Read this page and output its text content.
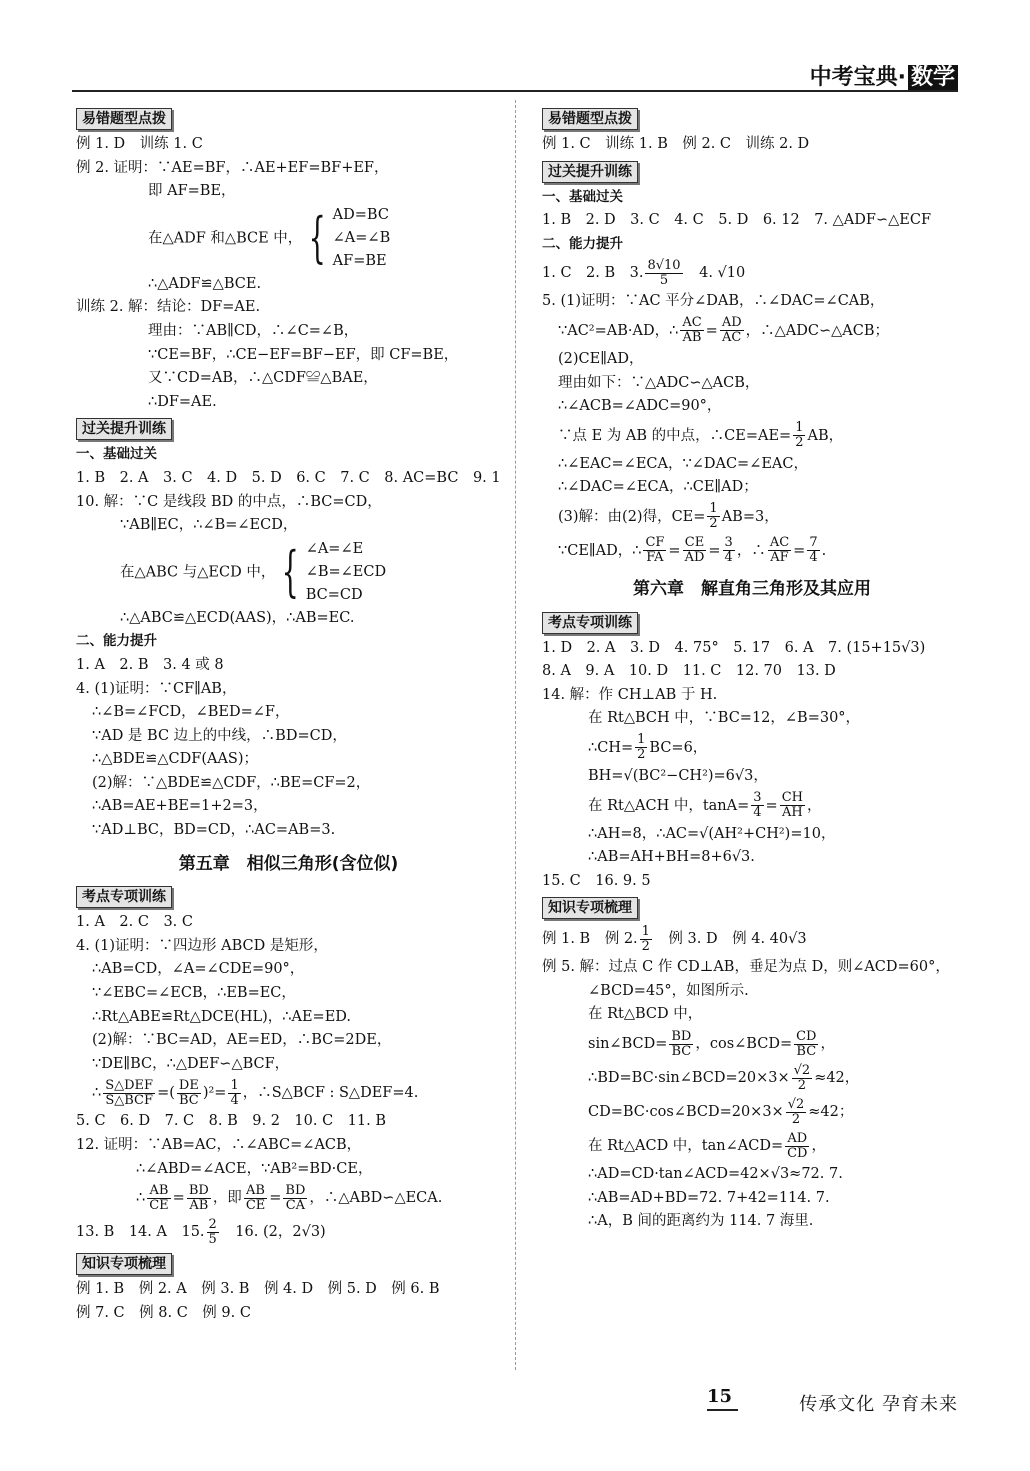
中考宝典· 数学
易错题型点拨
例 1. D　训练 1. C
例 2. 证明：∵AE=BF，∴AE+EF=BF+EF，
即 AF=BE，
在△ADF 和△BCE 中， { AD=BC
∠A=∠B
AF=BE
∴△ADF≌△BCE.
训练 2. 解：结论：DF=AE.
理由：∵AB∥CD，∴∠C=∠B，
∵CE=BF，∴CE−EF=BF−EF，即 CF=BE，
又∵CD=AB，∴△CDF≌△BAE，
∴DF=AE.
过关提升训练
一、基础过关
1. B　2. A　3. C　4. D　5. D　6. C　7. C　8. AC=BC　9. 1
10. 解：∵C 是线段 BD 的中点，∴BC=CD，
∵AB∥EC，∴∠B=∠ECD，
在△ABC 与△ECD 中， { ∠A=∠E
∠B=∠ECD
BC=CD
∴△ABC≌△ECD(AAS)，∴AB=EC.
二、能力提升
1. A　2. B　3. 4 或 8
4. (1)证明：∵CF∥AB，
∴∠B=∠FCD，∠BED=∠F，
∵AD 是 BC 边上的中线，∴BD=CD，
∴△BDE≌△CDF(AAS)；
(2)解：∵△BDE≌△CDF，∴BE=CF=2，
∴AB=AE+BE=1+2=3，
∵AD⊥BC，BD=CD，∴AC=AB=3.
第五章　相似三角形(含位似)
考点专项训练
1. A　2. C　3. C
4. (1)证明：∵四边形 ABCD 是矩形，
∴AB=CD，∠A=∠CDE=90°，
∵∠EBC=∠ECB，∴EB=EC，
∴Rt△ABE≌Rt△DCE(HL)，∴AE=ED.
(2)解：∵BC=AD，AE=ED，∴BC=2DE，
∵DE∥BC，∴△DEF∽△BCF，
∴ $\frac{\text{S△DEF}}{\text{S△BCF}}$ =( $\frac{DE}{BC} )^2= \frac{1}{4}$ ，∴S△BCF : S△DEF=4.
5. C　6. D　7. C　8. B　9. 2　10. C　11. B
12. 证明：∵AB=AC，∴∠ABC=∠ACB，
∴∠ABD=∠ACE，∵AB²=BD·CE，
∴ $\frac{AB}{CE} = \frac{BD}{AB}$ ，即 $\frac{AB}{CE} = \frac{BD}{CA}$ ，∴△ABD∽△ECA.
13. B　14. A　15. $\frac{2}{5}$ 　16. (2，2√3)
知识专项梳理
例 1. B　例 2. A　例 3. B　例 4. D　例 5. D　例 6. B
例 7. C　例 8. C　例 9. C
易错题型点拨
例 1. C　训练 1. B　例 2. C　训练 2. D
过关提升训练
一、基础过关
1. B　2. D　3. C　4. C　5. D　6. 12　7. △ADF∽△ECF
二、能力提升
1. C　2. B　3. $\frac{8√10}{5}$ 　4. √10
5. (1)证明：∵AC 平分∠DAB，∴∠DAC=∠CAB，
∵AC²=AB·AD，∴ $\frac{AC}{AB} = \frac{AD}{AC}$ ，∴△ADC∽△ACB；
(2)CE∥AD，
理由如下：∵△ADC∽△ACB，
∴∠ACB=∠ADC=90°，
∵点 E 为 AB 的中点，∴CE=AE= $\frac{1}{2}$ AB，
∴∠EAC=∠ECA，∵∠DAC=∠EAC，
∴∠DAC=∠ECA，∴CE∥AD；
(3)解：由(2)得，$CE= \frac{1}{2} AB=3$，
∵CE∥AD，∴ $\frac{CF}{FA} = \frac{CE}{AD} = \frac{3}{4}$ ，∴ $\frac{AC}{AF} = \frac{7}{4}$ .
第六章　解直角三角形及其应用
考点专项训练
1. D　2. A　3. D　4. 75°　5. 17　6. A　7. (15+15√3)
8. A　9. A　10. D　11. C　12. 70　13. D
14. 解：作 CH⊥AB 于 H.
在 Rt△BCH 中，∵BC=12，∠B=30°，
∴CH= $\frac{1}{2} BC=6$，
BH=√(BC²−CH²)=6√3，
在 Rt△ACH 中，$\tan A= \frac{3}{4} = \frac{CH}{AH}$ ，
∴AH=8，∴AC=√(AH²+CH²)=10，
∴AB=AH+BH=8+6√3.
15. C　16. 9. 5
知识专项梳理
例 1. B　例 2. $\frac{1}{2}$ 　例 3. D　例 4. 40√3
例 5. 解：过点 C 作 CD⊥AB，垂足为点 D，则∠ACD=60°，
∠BCD=45°，如图所示.
在 Rt△BCD 中，
sin∠BCD= $\frac{BD}{BC}$ ，cos∠BCD= $\frac{CD}{BC}$ ，
∴BD=BC·sin∠BCD=20×3× $\frac{√2}{2} \approx 42$，
CD=BC·cos∠BCD=20×3× $\frac{√2}{2} \approx 42$；
在 Rt△ACD 中，tan∠ACD= $\frac{AD}{CD}$ ，
∴AD=CD·tan∠ACD=42×√3≈72. 7.
∴AB=AD+BD=72. 7+42=114. 7.
∴A，B 间的距离约为 114. 7 海里.
15	传承文化 孕育未来
